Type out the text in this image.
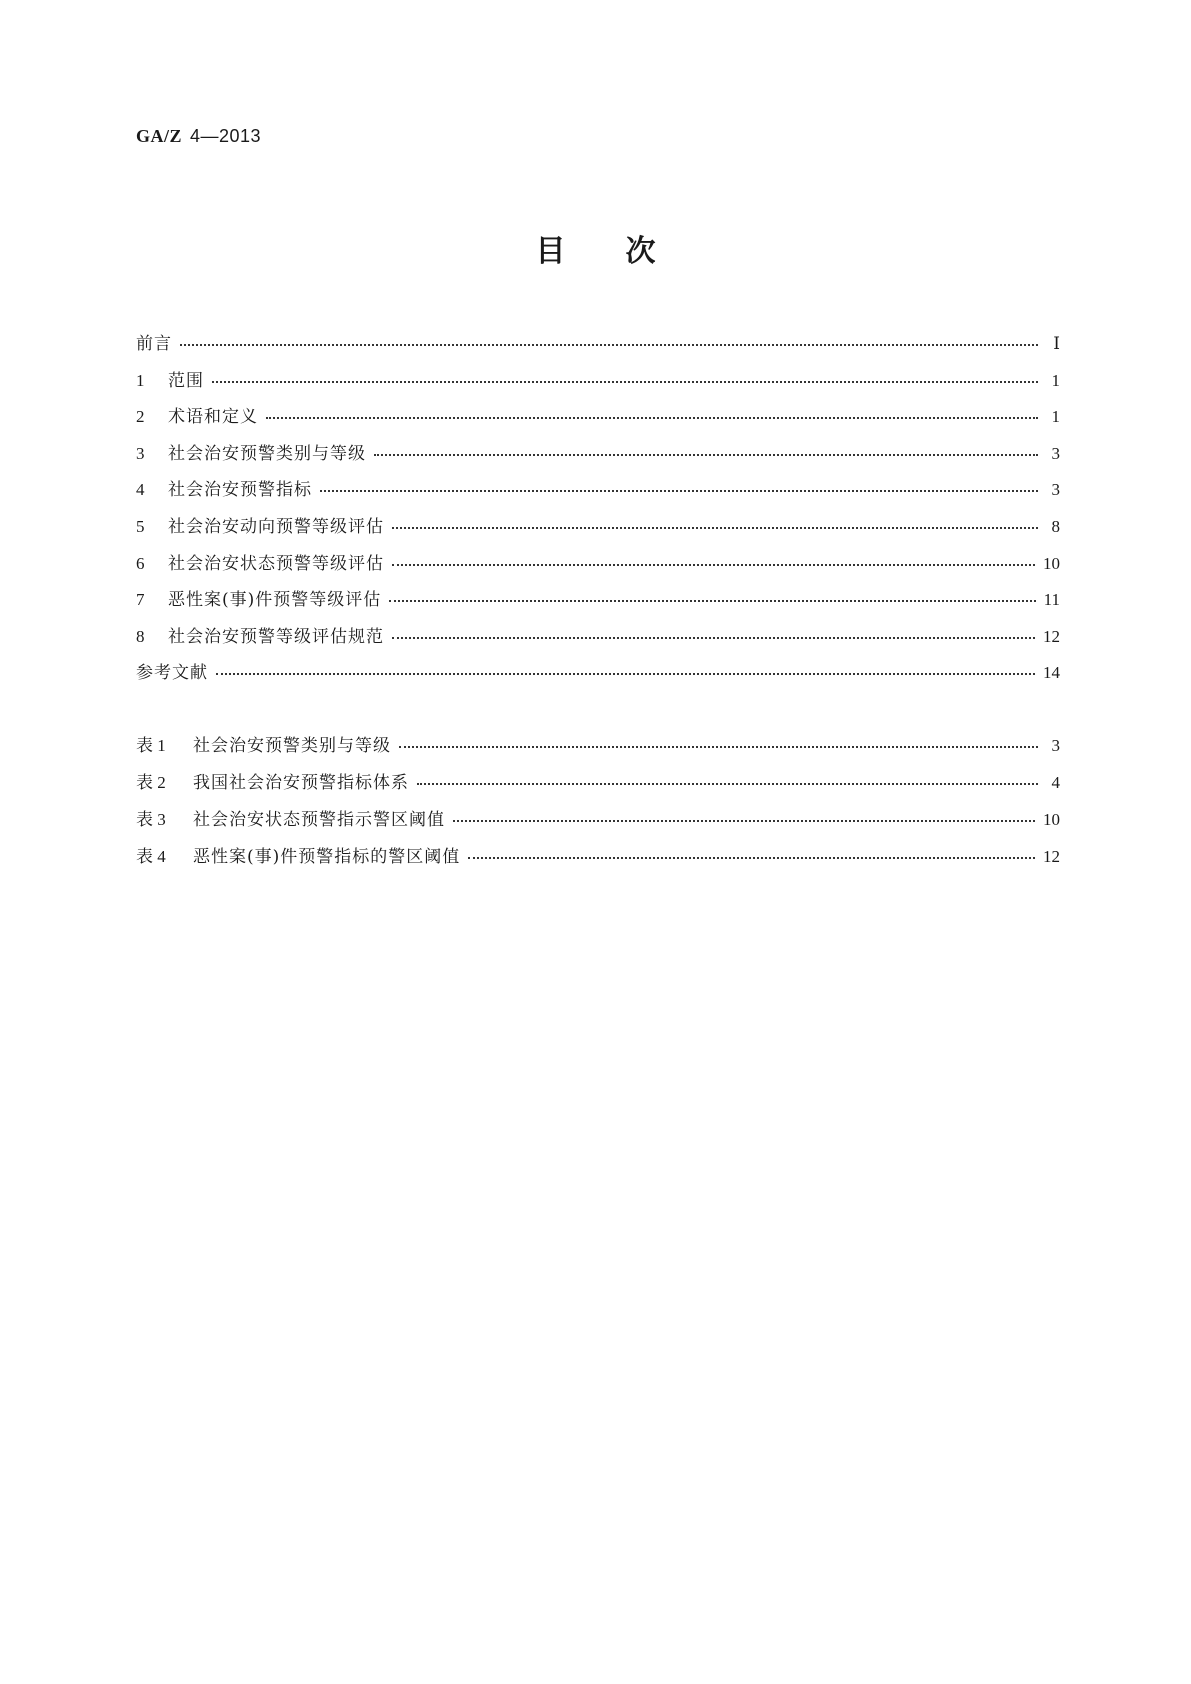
GA/Z 4—2013
目次
前言	Ⅰ
1	范围	1
2	术语和定义	1
3	社会治安预警类别与等级	3
4	社会治安预警指标	3
5	社会治安动向预警等级评估	8
6	社会治安状态预警等级评估	10
7	恶性案(事)件预警等级评估	11
8	社会治安预警等级评估规范	12
参考文献	14
表 1	社会治安预警类别与等级	3
表 2	我国社会治安预警指标体系	4
表 3	社会治安状态预警指示警区阈值	10
表 4	恶性案(事)件预警指标的警区阈值	12
